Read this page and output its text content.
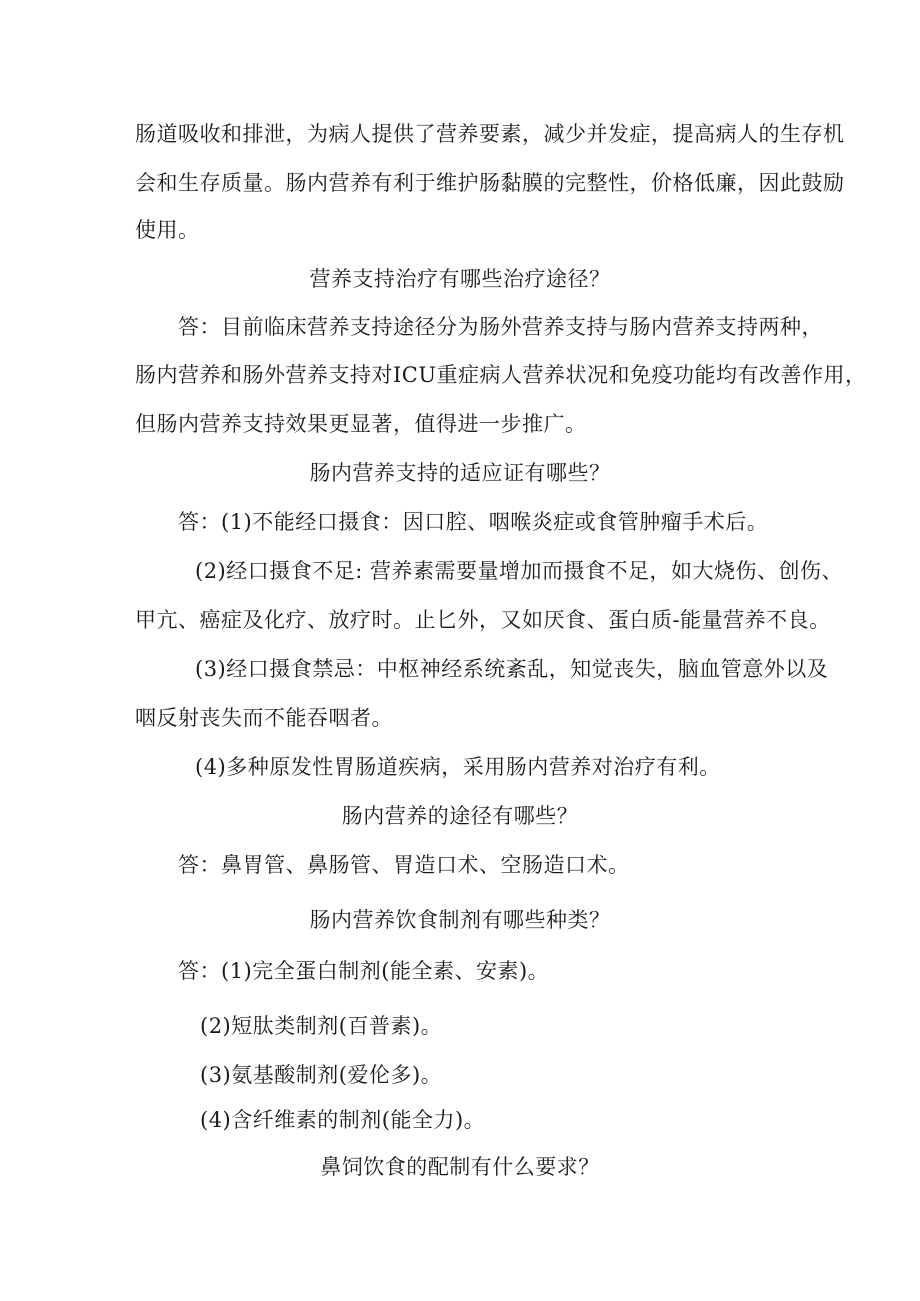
肠道吸收和排泄，为病人提供了营养要素，减少并发症，提高病人的生存机
会和生存质量。肠内营养有利于维护肠黏膜的完整性，价格低廉，因此鼓励
使用。
营养支持治疗有哪些治疗途径？
答：目前临床营养支持途径分为肠外营养支持与肠内营养支持两种，
肠内营养和肠外营养支持对ICU重症病人营养状况和免疫功能均有改善作用，
但肠内营养支持效果更显著，值得进一步推广。
肠内营养支持的适应证有哪些？
答：(1)不能经口摄食：因口腔、咽喉炎症或食管肿瘤手术后。
(2)经口摄食不足: 营养素需要量增加而摄食不足，如大烧伤、创伤、
甲亢、癌症及化疗、放疗时。止匕外，又如厌食、蛋白质-能量营养不良。
(3)经口摄食禁忌：中枢神经系统紊乱，知觉丧失，脑血管意外以及
咽反射丧失而不能吞咽者。
(4)多种原发性胃肠道疾病，采用肠内营养对治疗有利。
肠内营养的途径有哪些？
答：鼻胃管、鼻肠管、胃造口术、空肠造口术。
肠内营养饮食制剂有哪些种类？
答：(1)完全蛋白制剂(能全素、安素)。
(2)短肽类制剂(百普素)。
(3)氨基酸制剂(爱伦多)。
(4)含纤维素的制剂(能全力)。
鼻饲饮食的配制有什么要求？
